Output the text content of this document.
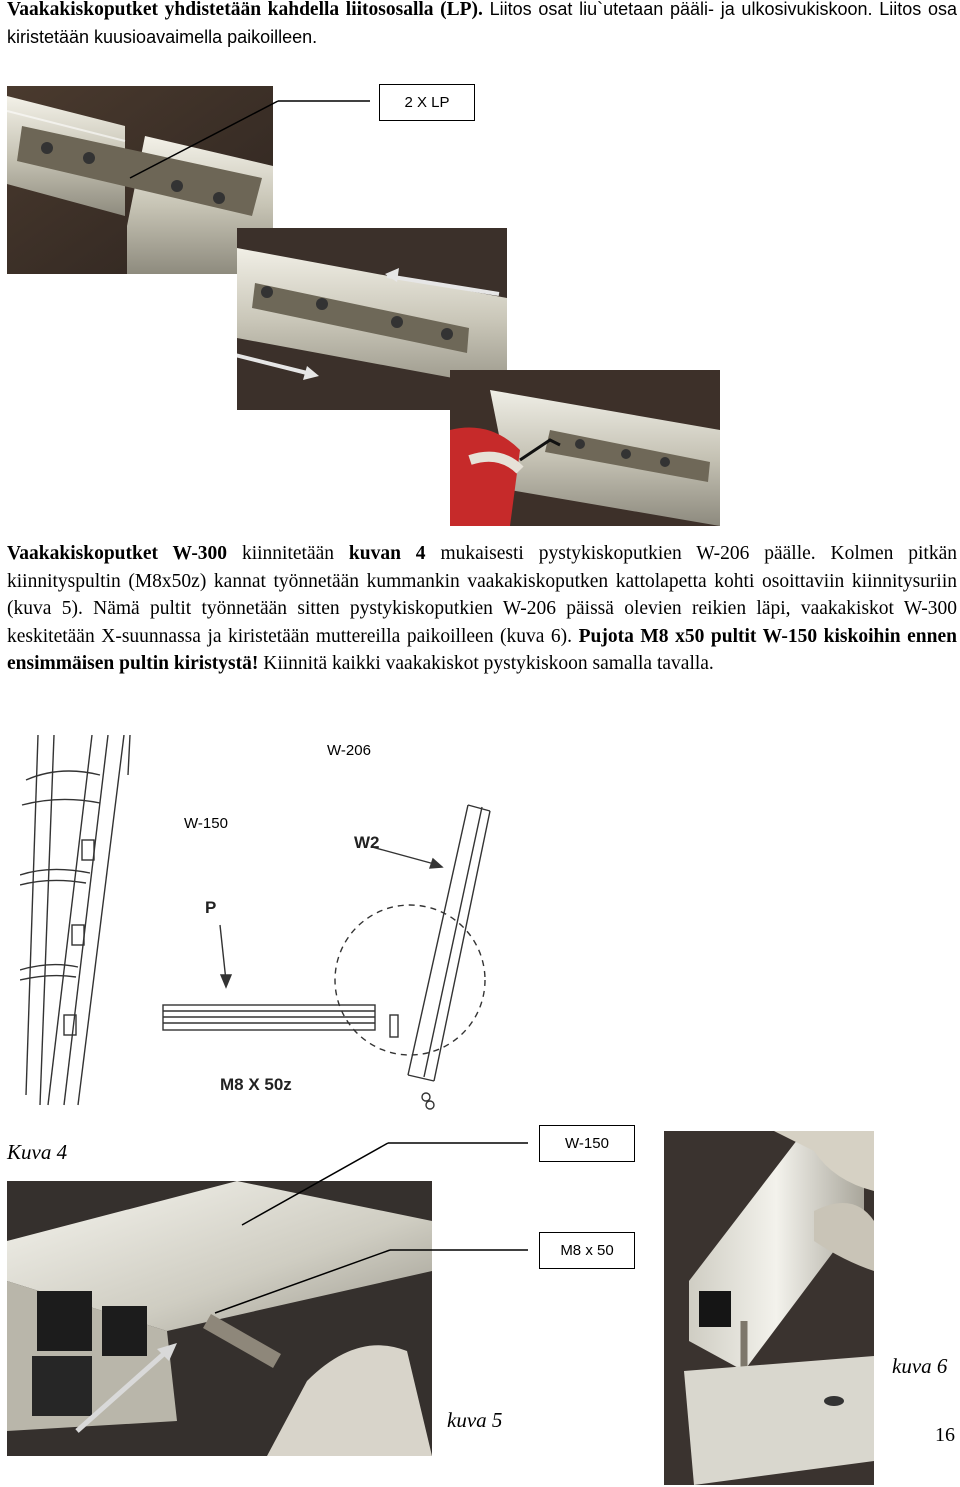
Vaakakiskoputket yhdistetään kahdella liitososalla (LP). Liitos osat liu`utetaan pääli- ja ulkosivukiskoon. Liitos osa kiristetään kuusioavaimella paikoilleen.
2 X LP
Vaakakiskoputket W-300 kiinnitetään kuvan 4 mukaisesti pystykiskoputkien W-206 päälle. Kolmen pitkän kiinnityspultin (M8x50z) kannat työnnetään kummankin vaakakiskoputken kattolapetta kohti osoittaviin kiinnitysuriin (kuva 5). Nämä pultit työnnetään sitten pystykiskoputkien W-206 päissä olevien reikien läpi, vaakakiskot W-300 keskitetään X-suunnassa ja kiristetään muttereilla paikoilleen (kuva 6). Pujota M8 x50 pultit W-150 kiskoihin ennen ensimmäisen pultin kiristystä! Kiinnitä kaikki vaakakiskot pystykiskoon samalla tavalla.
W2
P
M8 X 50z
W-206
W-150
Kuva 4	W-150
M8 x 50
kuva 5
kuva 6
16
